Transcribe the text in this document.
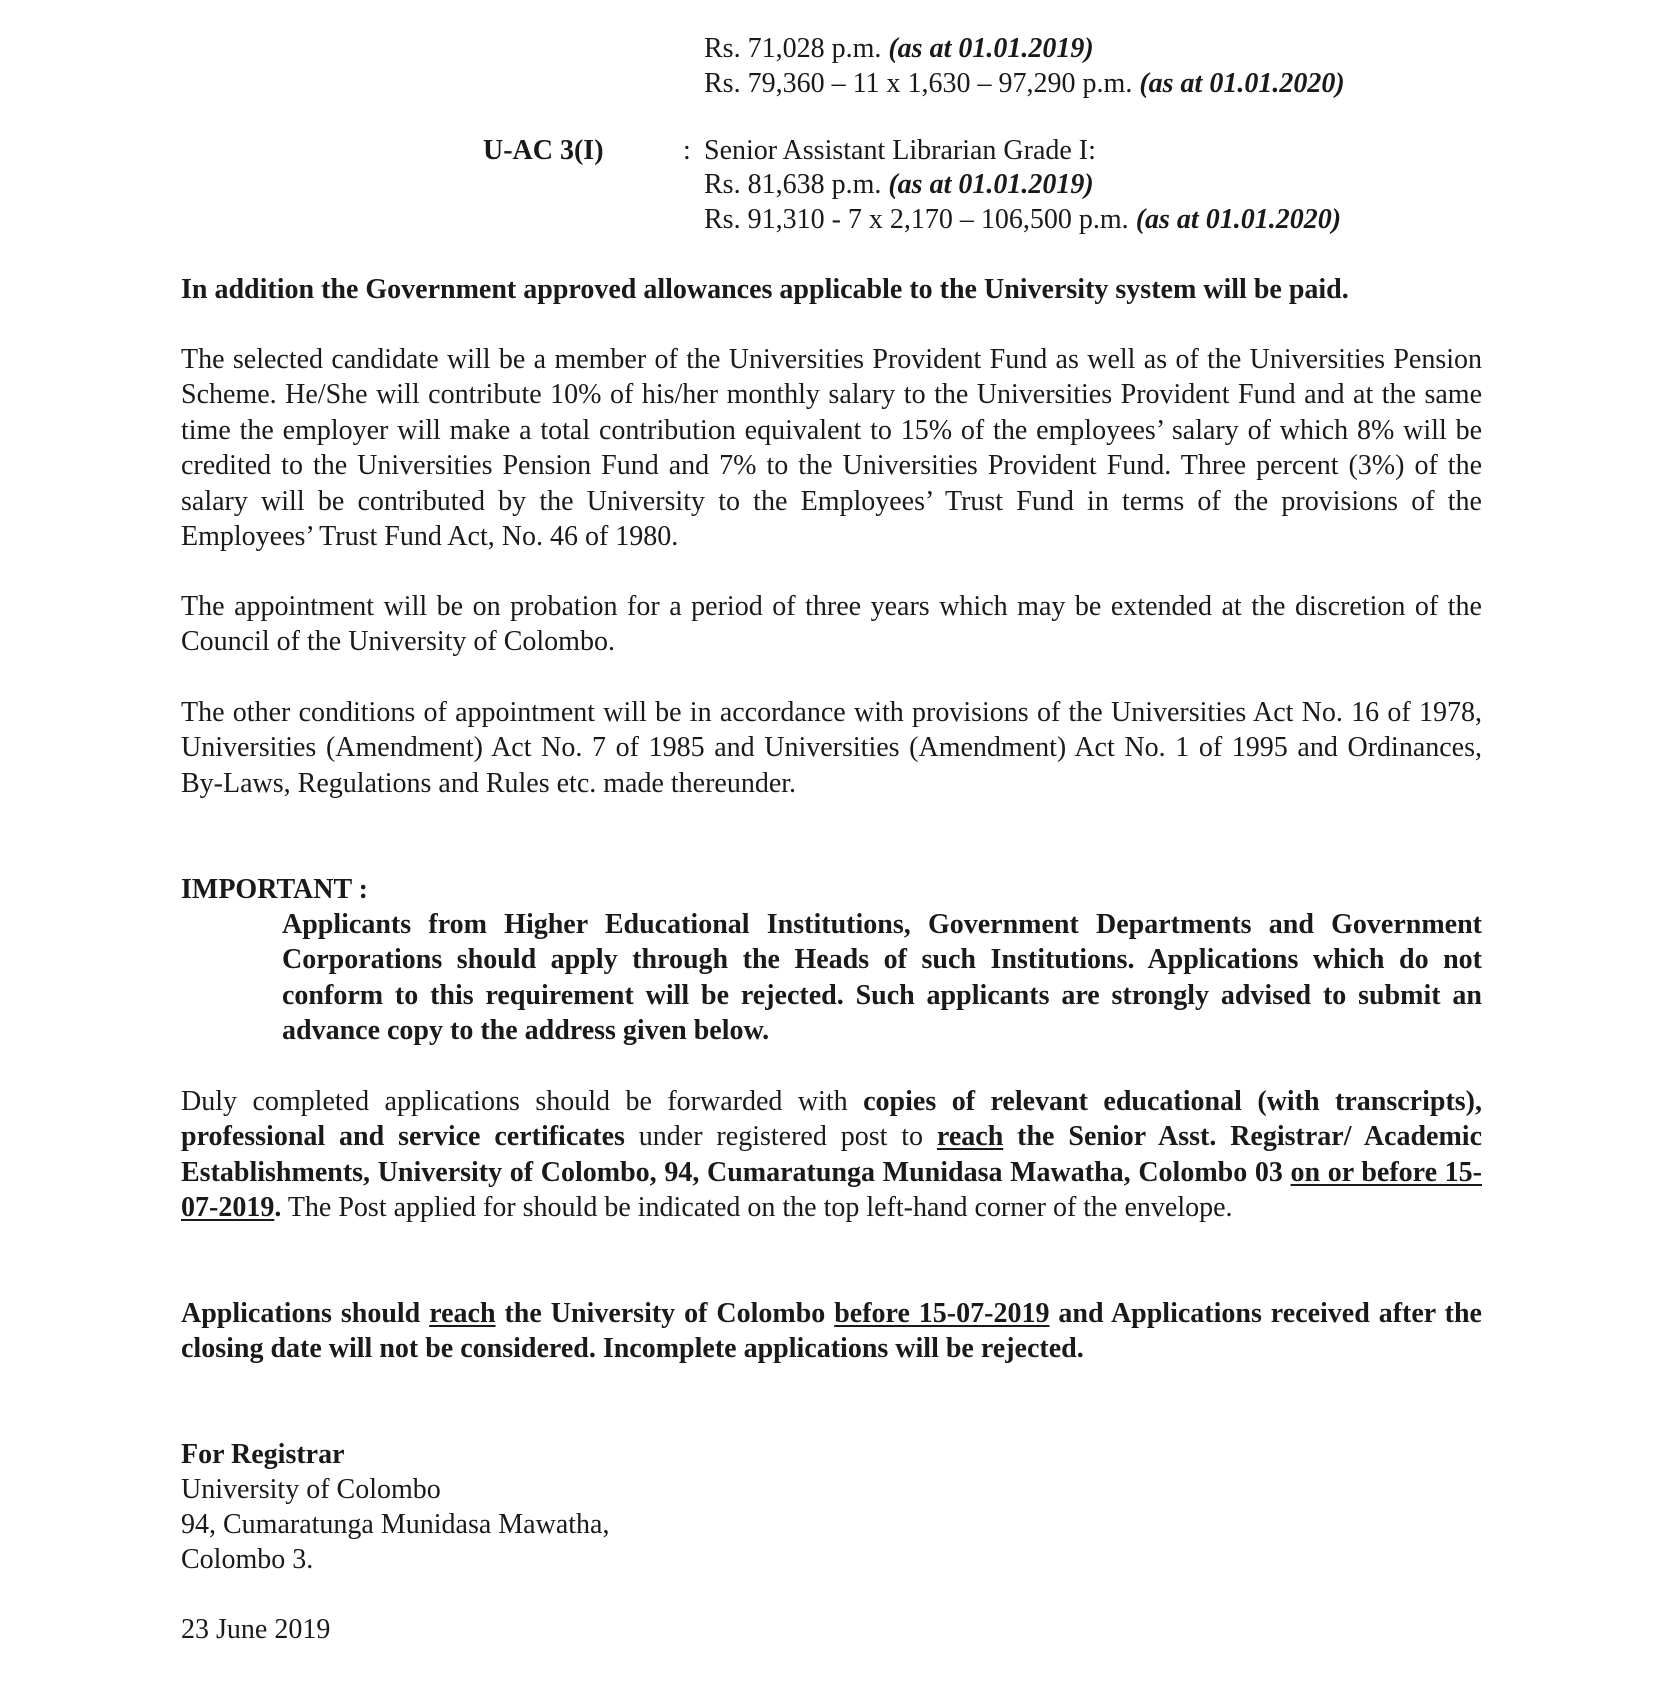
Rs. 71,028 p.m. (as at 01.01.2019)
Rs. 79,360 – 11 x 1,630 – 97,290 p.m. (as at 01.01.2020)
U-AC 3(I)	: Senior Assistant Librarian Grade I:
Rs. 81,638 p.m. (as at 01.01.2019)
Rs. 91,310 - 7 x 2,170 – 106,500 p.m. (as at 01.01.2020)

In addition the Government approved allowances applicable to the University system will be paid.

The selected candidate will be a member of the Universities Provident Fund as well as of the Universities Pension Scheme. He/She will contribute 10% of his/her monthly salary to the Universities Provident Fund and at the same time the employer will make a total contribution equivalent to 15% of the employees’ salary of which 8% will be credited to the Universities Pension Fund and 7% to the Universities Provident Fund. Three percent (3%) of the salary will be contributed by the University to the Employees’ Trust Fund in terms of the provisions of the Employees’ Trust Fund Act, No. 46 of 1980.

The appointment will be on probation for a period of three years which may be extended at the discretion of the Council of the University of Colombo.

The other conditions of appointment will be in accordance with provisions of the Universities Act No. 16 of 1978, Universities (Amendment) Act No. 7 of 1985 and Universities (Amendment) Act No. 1 of 1995 and Ordinances, By-Laws, Regulations and Rules etc. made thereunder.

IMPORTANT :

Applicants from Higher Educational Institutions, Government Departments and Government Corporations should apply through the Heads of such Institutions. Applications which do not conform to this requirement will be rejected. Such applicants are strongly advised to submit an advance copy to the address given below.

Duly completed applications should be forwarded with copies of relevant educational (with transcripts), professional and service certificates under registered post to reach the Senior Asst. Registrar/ Academic Establishments, University of Colombo, 94, Cumaratunga Munidasa Mawatha, Colombo 03 on or before 15-07-2019. The Post applied for should be indicated on the top left-hand corner of the envelope.

Applications should reach the University of Colombo before 15-07-2019 and Applications received after the closing date will not be considered. Incomplete applications will be rejected.

For Registrar
University of Colombo
94, Cumaratunga Munidasa Mawatha,
Colombo 3.
23 June 2019
